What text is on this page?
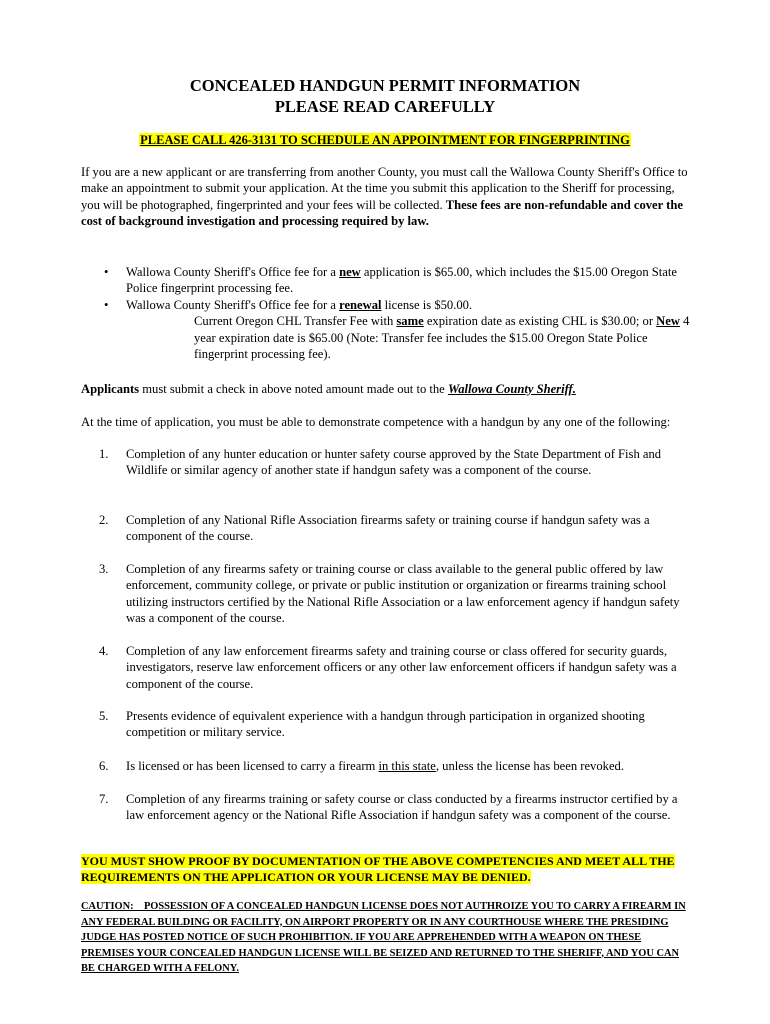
CONCEALED HANDGUN PERMIT INFORMATION
PLEASE READ CAREFULLY
PLEASE CALL 426-3131 TO SCHEDULE AN APPOINTMENT FOR FINGERPRINTING
If you are a new applicant or are transferring from another County, you must call the Wallowa County Sheriff's Office to make an appointment to submit your application. At the time you submit this application to the Sheriff for processing, you will be photographed, fingerprinted and your fees will be collected. These fees are non-refundable and cover the cost of background investigation and processing required by law.
• Wallowa County Sheriff's Office fee for a new application is $65.00, which includes the $15.00 Oregon State Police fingerprint processing fee.
• Wallowa County Sheriff's Office fee for a renewal license is $50.00.
Current Oregon CHL Transfer Fee with same expiration date as existing CHL is $30.00; or New 4 year expiration date is $65.00 (Note: Transfer fee includes the $15.00 Oregon State Police fingerprint processing fee).
Applicants must submit a check in above noted amount made out to the Wallowa County Sheriff.
At the time of application, you must be able to demonstrate competence with a handgun by any one of the following:
1. Completion of any hunter education or hunter safety course approved by the State Department of Fish and Wildlife or similar agency of another state if handgun safety was a component of the course.
2. Completion of any National Rifle Association firearms safety or training course if handgun safety was a component of the course.
3. Completion of any firearms safety or training course or class available to the general public offered by law enforcement, community college, or private or public institution or organization or firearms training school utilizing instructors certified by the National Rifle Association or a law enforcement agency if handgun safety was a component of the course.
4. Completion of any law enforcement firearms safety and training course or class offered for security guards, investigators, reserve law enforcement officers or any other law enforcement officers if handgun safety was a component of the course.
5. Presents evidence of equivalent experience with a handgun through participation in organized shooting competition or military service.
6. Is licensed or has been licensed to carry a firearm in this state, unless the license has been revoked.
7. Completion of any firearms training or safety course or class conducted by a firearms instructor certified by a law enforcement agency or the National Rifle Association if handgun safety was a component of the course.
YOU MUST SHOW PROOF BY DOCUMENTATION OF THE ABOVE COMPETENCIES AND MEET ALL THE REQUIREMENTS ON THE APPLICATION OR YOUR LICENSE MAY BE DENIED.
CAUTION: POSSESSION OF A CONCEALED HANDGUN LICENSE DOES NOT AUTHROIZE YOU TO CARRY A FIREARM IN ANY FEDERAL BUILDING OR FACILITY, ON AIRPORT PROPERTY OR IN ANY COURTHOUSE WHERE THE PRESIDING JUDGE HAS POSTED NOTICE OF SUCH PROHIBITION. IF YOU ARE APPREHENDED WITH A WEAPON ON THESE PREMISES YOUR CONCEALED HANDGUN LICENSE WILL BE SEIZED AND RETURNED TO THE SHERIFF, AND YOU CAN BE CHARGED WITH A FELONY.
